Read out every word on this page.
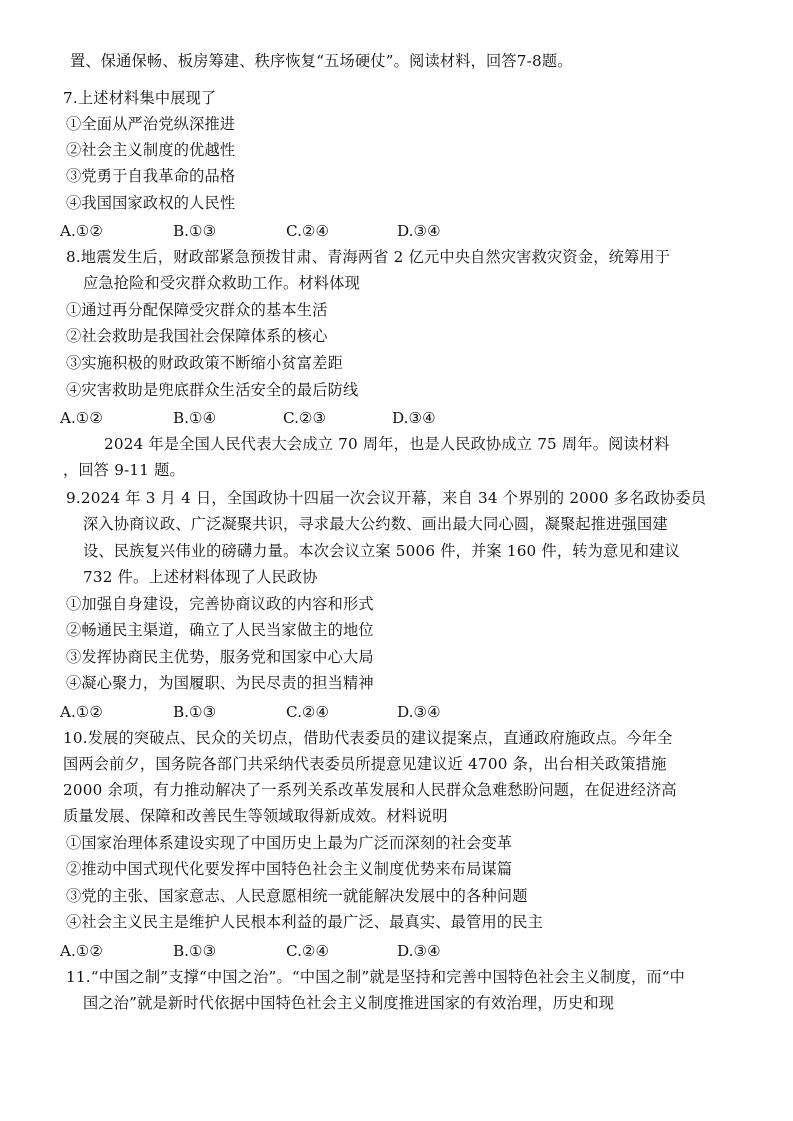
置、保通保畅、板房筹建、秩序恢复“五场硬仗”。阅读材料，回答7-8题。
7.上述材料集中展现了
①全面从严治党纵深推进
②社会主义制度的优越性
③党勇于自我革命的品格
④我国国家政权的人民性
A.①②	B.①③	C.②④	D.③④
8.地震发生后，财政部紧急预拨甘肃、青海两省 2 亿元中央自然灾害救灾资金，统筹用于
应急抢险和受灾群众救助工作。材料体现
①通过再分配保障受灾群众的基本生活
②社会救助是我国社会保障体系的核心
③实施积极的财政政策不断缩小贫富差距
④灾害救助是兜底群众生活安全的最后防线
A.①②	B.①④	C.②③	D.③④
2024 年是全国人民代表大会成立 70 周年，也是人民政协成立 75 周年。阅读材料
，回答 9-11 题。
9.2024 年 3 月 4 日，全国政协十四届一次会议开幕，来自 34 个界别的 2000 多名政协委员
深入协商议政、广泛凝聚共识，寻求最大公约数、画出最大同心圆，凝聚起推进强国建
设、民族复兴伟业的磅礴力量。本次会议立案 5006 件，并案 160 件，转为意见和建议
732 件。上述材料体现了人民政协
①加强自身建设，完善协商议政的内容和形式
②畅通民主渠道，确立了人民当家做主的地位
③发挥协商民主优势，服务党和国家中心大局
④凝心聚力，为国履职、为民尽责的担当精神
A.①②	B.①③	C.②④	D.③④
10.发展的突破点、民众的关切点，借助代表委员的建议提案点，直通政府施政点。今年全
国两会前夕，国务院各部门共采纳代表委员所提意见建议近 4700 条，出台相关政策措施
2000 余项，有力推动解决了一系列关系改革发展和人民群众急难愁盼问题，在促进经济高
质量发展、保障和改善民生等领域取得新成效。材料说明
①国家治理体系建设实现了中国历史上最为广泛而深刻的社会变革
②推动中国式现代化要发挥中国特色社会主义制度优势来布局谋篇
③党的主张、国家意志、人民意愿相统一就能解决发展中的各种问题
④社会主义民主是维护人民根本利益的最广泛、最真实、最管用的民主
A.①②	B.①③	C.②④	D.③④
11.“中国之制”支撑“中国之治”。“中国之制”就是坚持和完善中国特色社会主义制度，而“中
国之治”就是新时代依据中国特色社会主义制度推进国家的有效治理，历史和现
